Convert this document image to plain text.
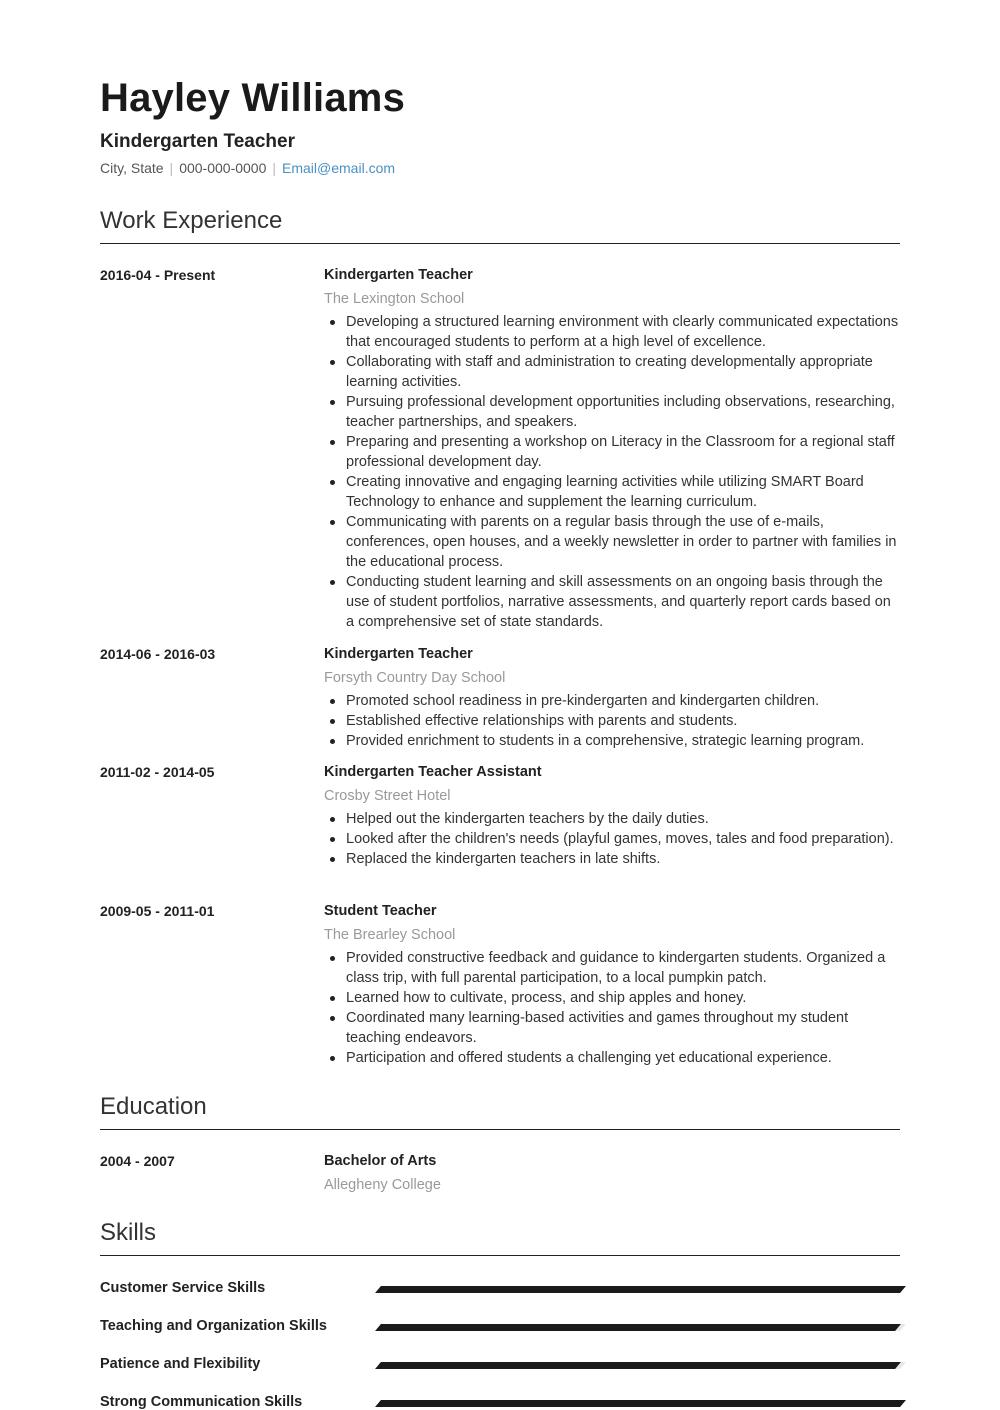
Hayley Williams
Kindergarten Teacher
City, State | 000-000-0000 | Email@email.com
Work Experience
2016-04 - Present	Kindergarten Teacher
The Lexington School
Developing a structured learning environment with clearly communicated expectations that encouraged students to perform at a high level of excellence.
Collaborating with staff and administration to creating developmentally appropriate learning activities.
Pursuing professional development opportunities including observations, researching, teacher partnerships, and speakers.
Preparing and presenting a workshop on Literacy in the Classroom for a regional staff professional development day.
Creating innovative and engaging learning activities while utilizing SMART Board Technology to enhance and supplement the learning curriculum.
Communicating with parents on a regular basis through the use of e-mails, conferences, open houses, and a weekly newsletter in order to partner with families in the educational process.
Conducting student learning and skill assessments on an ongoing basis through the use of student portfolios, narrative assessments, and quarterly report cards based on a comprehensive set of state standards.
2014-06 - 2016-03	Kindergarten Teacher
Forsyth Country Day School
Promoted school readiness in pre-kindergarten and kindergarten children.
Established effective relationships with parents and students.
Provided enrichment to students in a comprehensive, strategic learning program.
2011-02 - 2014-05	Kindergarten Teacher Assistant
Crosby Street Hotel
Helped out the kindergarten teachers by the daily duties.
Looked after the children's needs (playful games, moves, tales and food preparation).
Replaced the kindergarten teachers in late shifts.
2009-05 - 2011-01	Student Teacher
The Brearley School
Provided constructive feedback and guidance to kindergarten students. Organized a class trip, with full parental participation, to a local pumpkin patch.
Learned how to cultivate, process, and ship apples and honey.
Coordinated many learning-based activities and games throughout my student teaching endeavors.
Participation and offered students a challenging yet educational experience.
Education
2004 - 2007	Bachelor of Arts
Allegheny College
Skills
Customer Service Skills
Teaching and Organization Skills
Patience and Flexibility
Strong Communication Skills
